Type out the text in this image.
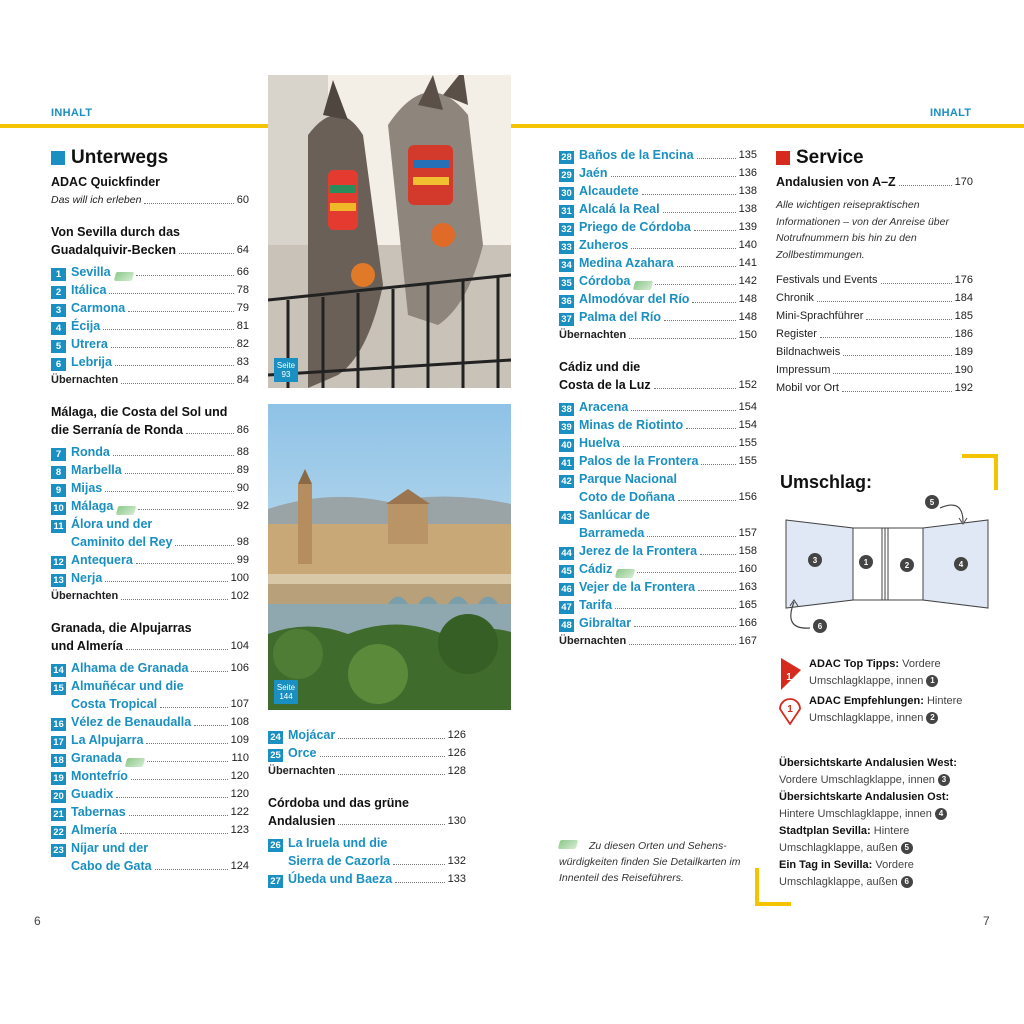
INHALT	INHALT
Unterwegs
ADAC Quickfinder
Das will ich erleben	60
Von Sevilla durch das
Guadalquivir-Becken	64
1 Sevilla	66
2 Itálica	78
3 Carmona	79
4 Écija	81
5 Utrera	82
6 Lebrija	83
Übernachten	84
Málaga, die Costa del Sol und
die Serranía de Ronda	86
7 Ronda	88
8 Marbella	89
9 Mijas	90
10 Málaga	92
11 Álora und der
Caminito del Rey	98
12 Antequera	99
13 Nerja	100
Übernachten	102
Granada, die Alpujarras
und Almería	104
14 Alhama de Granada	106
15 Almuñécar und die
Costa Tropical	107
16 Vélez de Benaudalla	108
17 La Alpujarra	109
18 Granada	110
19 Montefrío	120
20 Guadix	120
21 Tabernas	122
22 Almería	123
23 Níjar und der
Cabo de Gata	124
Seite
93
Seite
144
24 Mojácar	126
25 Orce	126
Übernachten	128
Córdoba und das grüne
Andalusien	130
26 La Iruela und die
Sierra de Cazorla	132
27 Úbeda und Baeza	133
28 Baños de la Encina	135
29 Jaén	136
30 Alcaudete	138
31 Alcalá la Real	138
32 Priego de Córdoba	139
33 Zuheros	140
34 Medina Azahara	141
35 Córdoba	142
36 Almodóvar del Río	148
37 Palma del Río	148
Übernachten	150
Cádiz und die
Costa de la Luz	152
38 Aracena	154
39 Minas de Riotinto	154
40 Huelva	155
41 Palos de la Frontera	155
42 Parque Nacional
Coto de Doñana	156
43 Sanlúcar de
Barrameda	157
44 Jerez de la Frontera	158
45 Cádiz	160
46 Vejer de la Frontera	163
47 Tarifa	165
48 Gibraltar	166
Übernachten	167
Zu diesen Orten und Sehenswürdigkeiten finden Sie Detailkarten im Innenteil des Reiseführers.
Service
Andalusien von A–Z	170
Alle wichtigen reisepraktischen Informationen – von der Anreise über Notrufnummern bis hin zu den Zollbestimmungen.
Festivals und Events	176
Chronik	184
Mini-Sprachführer	185
Register	186
Bildnachweis	189
Impressum	190
Mobil vor Ort	192
Umschlag:
3	1	2	4
5
6
1
ADAC Top Tipps: Vordere
Umschlagklappe, innen 1
1
ADAC Empfehlungen: Hintere
Umschlagklappe, innen 2
Übersichtskarte Andalusien West:
Vordere Umschlagklappe, innen 3
Übersichtskarte Andalusien Ost:
Hintere Umschlagklappe, innen 4
Stadtplan Sevilla: Hintere
Umschlagklappe, außen 5
Ein Tag in Sevilla: Vordere
Umschlagklappe, außen 6
6	7
